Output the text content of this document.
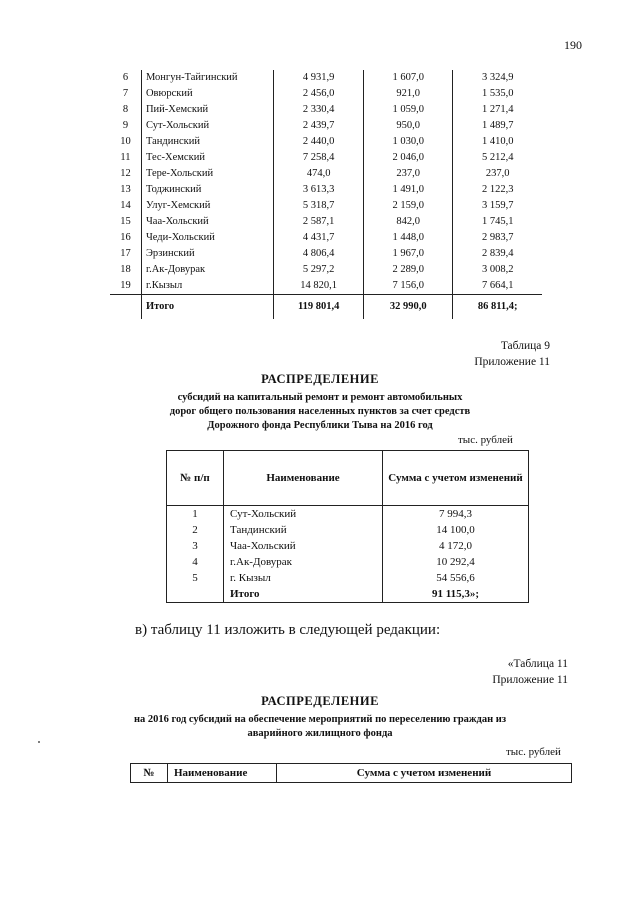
190
6	Монгун-Тайгинский	4 931,9	1 607,0	3 324,9
7	Овюрский	2 456,0	921,0	1 535,0
8	Пий-Хемский	2 330,4	1 059,0	1 271,4
9	Сут-Хольский	2 439,7	950,0	1 489,7
10	Тандинский	2 440,0	1 030,0	1 410,0
11	Тес-Хемский	7 258,4	2 046,0	5 212,4
12	Тере-Хольский	474,0	237,0	237,0
13	Тоджинский	3 613,3	1 491,0	2 122,3
14	Улуг-Хемский	5 318,7	2 159,0	3 159,7
15	Чаа-Хольский	2 587,1	842,0	1 745,1
16	Чеди-Хольский	4 431,7	1 448,0	2 983,7
17	Эрзинский	4 806,4	1 967,0	2 839,4
18	г.Ак-Довурак	5 297,2	2 289,0	3 008,2
19	г.Кызыл	14 820,1	7 156,0	7 664,1
	Итого	119 801,4	32 990,0	86 811,4;
Таблица 9
Приложение 11
РАСПРЕДЕЛЕНИЕ
субсидий на капитальный ремонт и ремонт автомобильных
дорог общего пользования населенных пунктов за счет средств
Дорожного фонда Республики Тыва на 2016 год
тыс. рублей
№ п/п	Наименование	Сумма с учетом изменений
1	Сут-Хольский	7 994,3
2	Тандинский	14 100,0
3	Чаа-Хольский	4 172,0
4	г.Ак-Довурак	10 292,4
5	г. Кызыл	54 556,6
	Итого	91 115,3»;
в) таблицу 11 изложить в следующей редакции:
«Таблица 11
Приложение 11
РАСПРЕДЕЛЕНИЕ
на 2016 год субсидий на обеспечение мероприятий по переселению граждан из
аварийного жилищного фонда
тыс. рублей
№	Наименование	Сумма с учетом изменений
